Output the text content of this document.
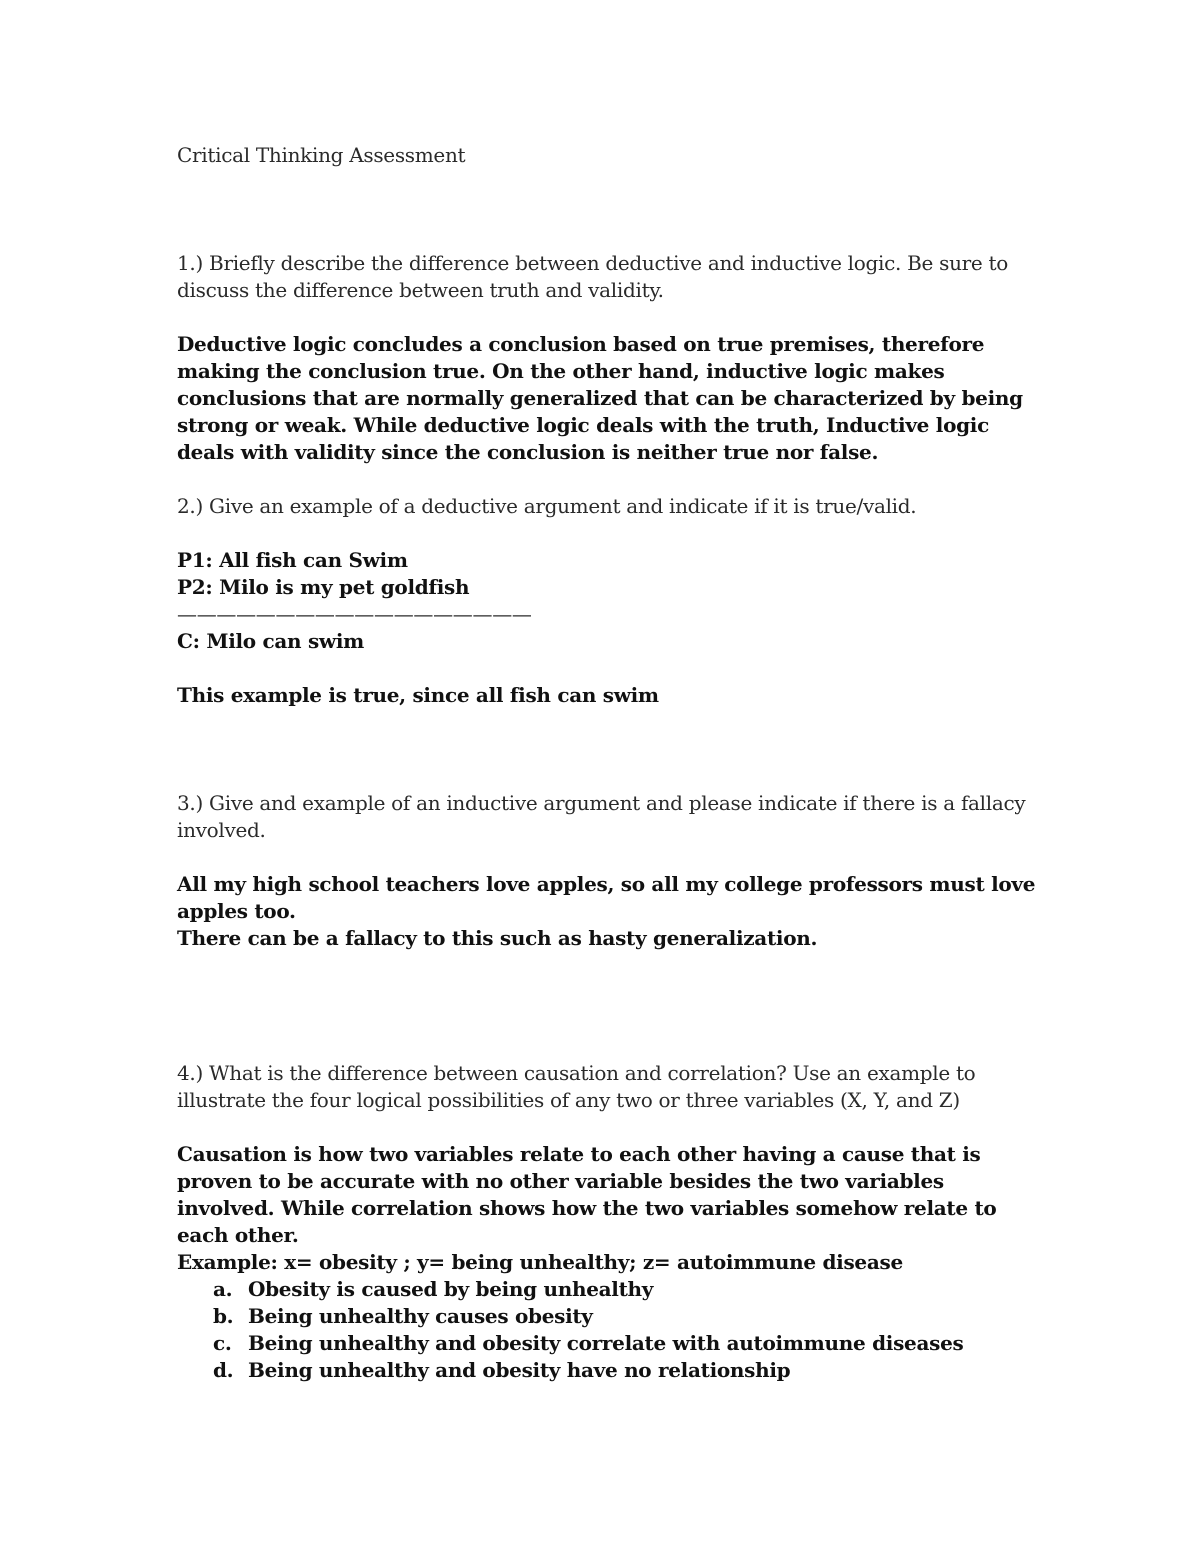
Critical Thinking Assessment

1.) Briefly describe the difference between deductive and inductive logic. Be sure to discuss the difference between truth and validity.

Deductive logic concludes a conclusion based on true premises, therefore making the conclusion true. On the other hand, inductive logic makes conclusions that are normally generalized that can be characterized by being strong or weak. While deductive logic deals with the truth, Inductive logic deals with validity since the conclusion is neither true nor false.

2.) Give an example of a deductive argument and indicate if it is true/valid.

P1: All fish can Swim
P2: Milo is my pet goldfish
——————————————————
C: Milo can swim

This example is true, since all fish can swim

3.) Give and example of an inductive argument and please indicate if there is a fallacy involved.

All my high school teachers love apples, so all my college professors must love apples too.
There can be a fallacy to this such as hasty generalization.

4.) What is the difference between causation and correlation? Use an example to illustrate the four logical possibilities of any two or three variables (X, Y, and Z)

Causation is how two variables relate to each other having a cause that is proven to be accurate with no other variable besides the two variables involved. While correlation shows how the two variables somehow relate to each other.
Example: x= obesity ; y= being unhealthy; z= autoimmune disease
a. Obesity is caused by being unhealthy
b. Being unhealthy causes obesity
c. Being unhealthy and obesity correlate with autoimmune diseases
d. Being unhealthy and obesity have no relationship
